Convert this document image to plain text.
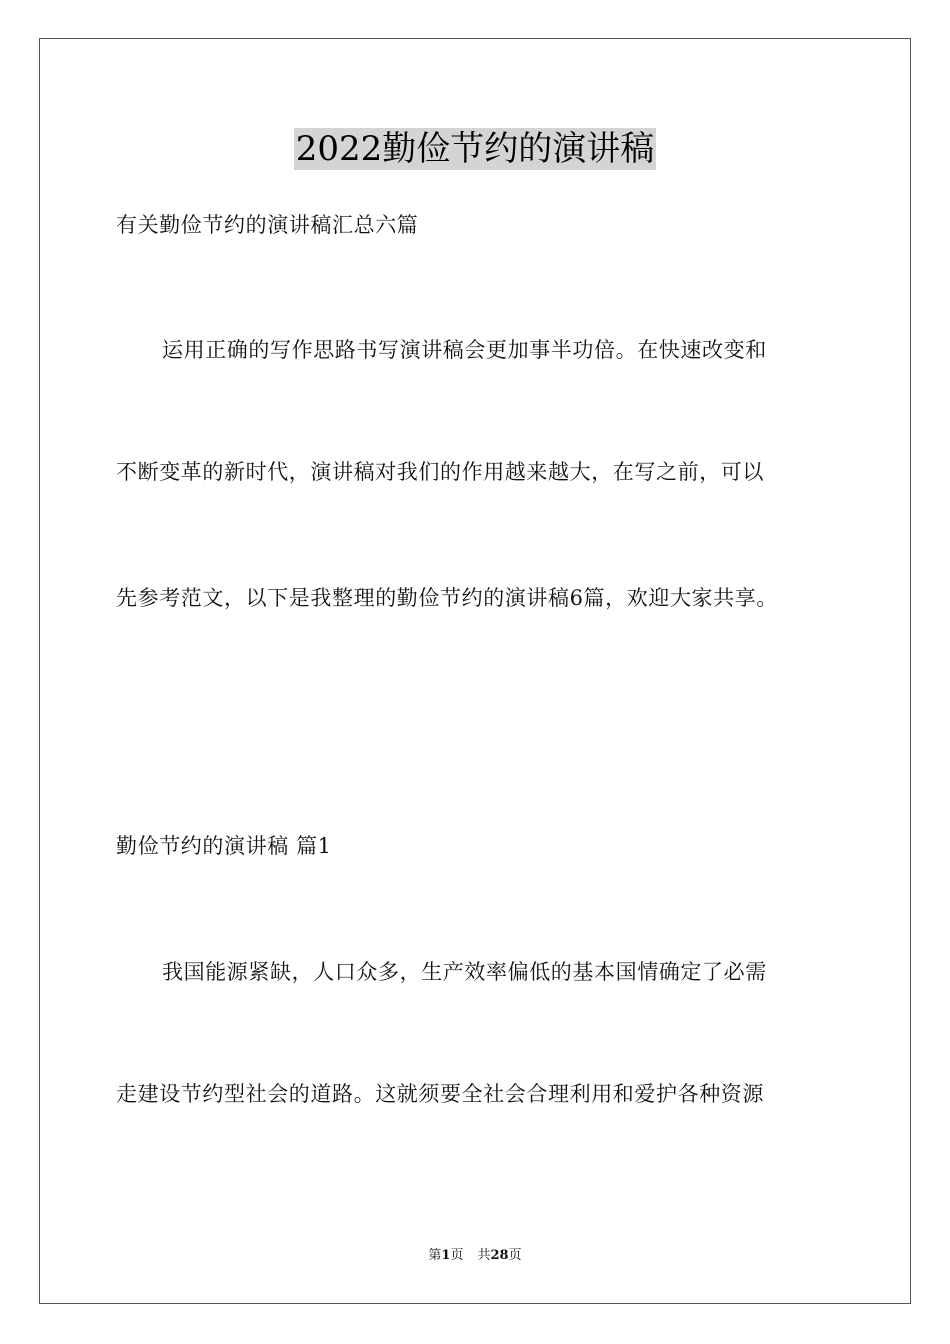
2022勤俭节约的演讲稿
有关勤俭节约的演讲稿汇总六篇
运用正确的写作思路书写演讲稿会更加事半功倍。在快速改变和
不断变革的新时代，演讲稿对我们的作用越来越大，在写之前，可以
先参考范文，以下是我整理的勤俭节约的演讲稿6篇，欢迎大家共享。
勤俭节约的演讲稿 篇1
我国能源紧缺，人口众多，生产效率偏低的基本国情确定了必需
走建设节约型社会的道路。这就须要全社会合理利用和爱护各种资源
第1页 共28页
